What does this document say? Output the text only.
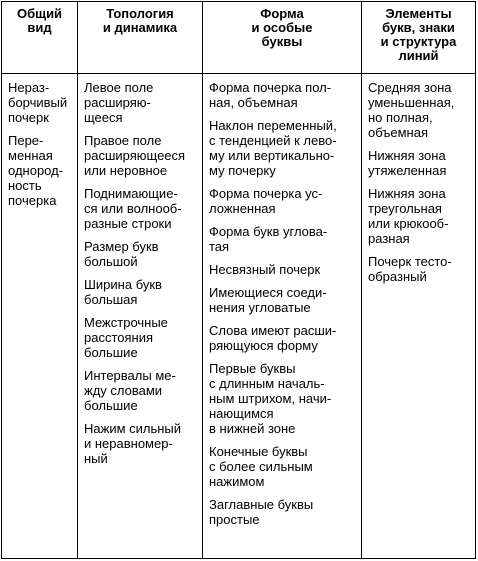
Общий
вид
Топология
и динамика
Форма
и особые
буквы
Элементы
букв, знаки
и структура
линий
Нераз-
борчивый
почерк
Пере-
менная
однород-
ность
почерка
Левое поле
расширяю-
щееся
Правое поле
расширяющееся
или неровное
Поднимающие-
ся или волнооб-
разные строки
Размер букв
большой
Ширина букв
большая
Межстрочные
расстояния
большие
Интервалы ме-
жду словами
большие
Нажим сильный
и неравномер-
ный
Форма почерка пол-
ная, объемная
Наклон переменный,
с тенденцией к лево-
му или вертикально-
му почерку
Форма почерка ус-
ложненная
Форма букв углова-
тая
Несвязный почерк
Имеющиеся соеди-
нения угловатые
Слова имеют расши-
ряющуюся форму
Первые буквы
с длинным началь-
ным штрихом, начи-
нающимся
в нижней зоне
Конечные буквы
с более сильным
нажимом
Заглавные буквы
простые
Средняя зона
уменьшенная,
но полная,
объемная
Нижняя зона
утяжеленная
Нижняя зона
треугольная
или крюкооб-
разная
Почерк тесто-
образный
